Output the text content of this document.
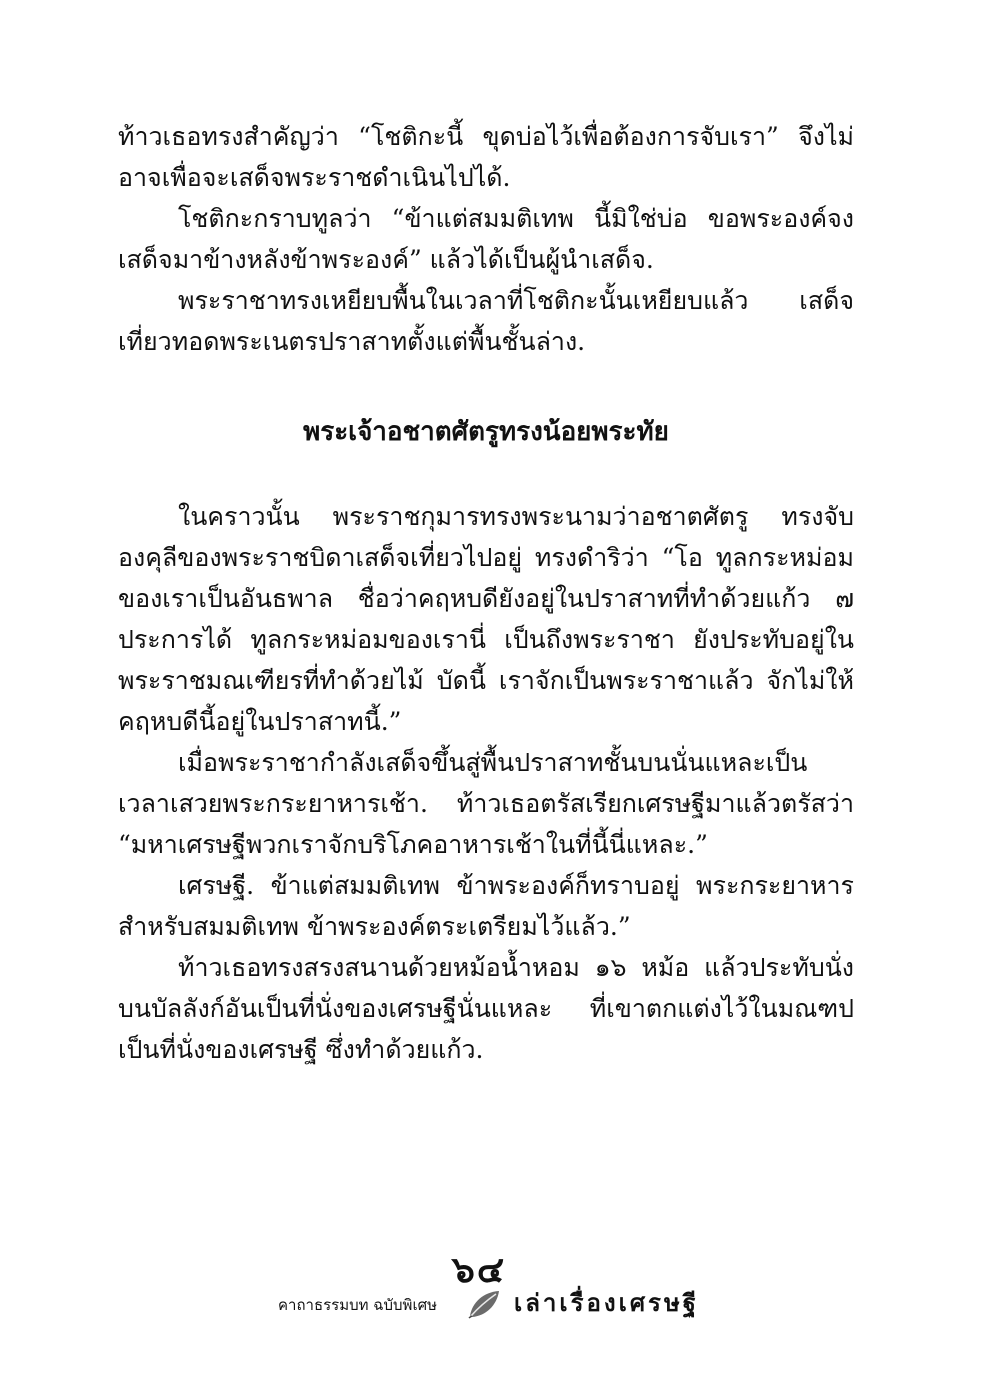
ท้าวเธอทรงสำคัญว่า “โชติกะนี้ ขุดบ่อไว้เพื่อต้องการจับเรา” จึงไม่อาจเพื่อจะเสด็จพระราชดำเนินไปได้.

โชติกะกราบทูลว่า “ข้าแต่สมมติเทพ นี้มิใช่บ่อ ขอพระองค์จงเสด็จมาข้างหลังข้าพระองค์” แล้วได้เป็นผู้นำเสด็จ.

พระราชาทรงเหยียบพื้นในเวลาที่โชติกะนั้นเหยียบแล้ว เสด็จเที่ยวทอดพระเนตรปราสาทตั้งแต่พื้นชั้นล่าง.

พระเจ้าอชาตศัตรูทรงน้อยพระทัย

ในคราวนั้น พระราชกุมารทรงพระนามว่าอชาตศัตรู ทรงจับองคุลีของพระราชบิดาเสด็จเที่ยวไปอยู่ ทรงดำริว่า “โอ ทูลกระหม่อมของเราเป็นอันธพาล ชื่อว่าคฤหบดียังอยู่ในปราสาทที่ทำด้วยแก้ว ๗ ประการได้ ทูลกระหม่อมของเรานี่ เป็นถึงพระราชา ยังประทับอยู่ในพระราชมณเฑียรที่ทำด้วยไม้ บัดนี้ เราจักเป็นพระราชาแล้ว จักไม่ให้คฤหบดีนี้อยู่ในปราสาทนี้.”

เมื่อพระราชากำลังเสด็จขึ้นสู่พื้นปราสาทชั้นบนนั่นแหละเป็นเวลาเสวยพระกระยาหารเช้า. ท้าวเธอตรัสเรียกเศรษฐีมาแล้วตรัสว่า “มหาเศรษฐีพวกเราจักบริโภคอาหารเช้าในที่นี้นี่แหละ.”

เศรษฐี. ข้าแต่สมมติเทพ ข้าพระองค์ก็ทราบอยู่ พระกระยาหารสำหรับสมมติเทพ ข้าพระองค์ตระเตรียมไว้แล้ว.”

ท้าวเธอทรงสรงสนานด้วยหม้อน้ำหอม ๑๖ หม้อ แล้วประทับนั่งบนบัลลังก์อันเป็นที่นั่งของเศรษฐีนั่นแหละ ที่เขาตกแต่งไว้ในมณฑป เป็นที่นั่งของเศรษฐี ซึ่งทำด้วยแก้ว.

๖๔
คาถาธรรมบท ฉบับพิเศษ	เล่าเรื่องเศรษฐี
